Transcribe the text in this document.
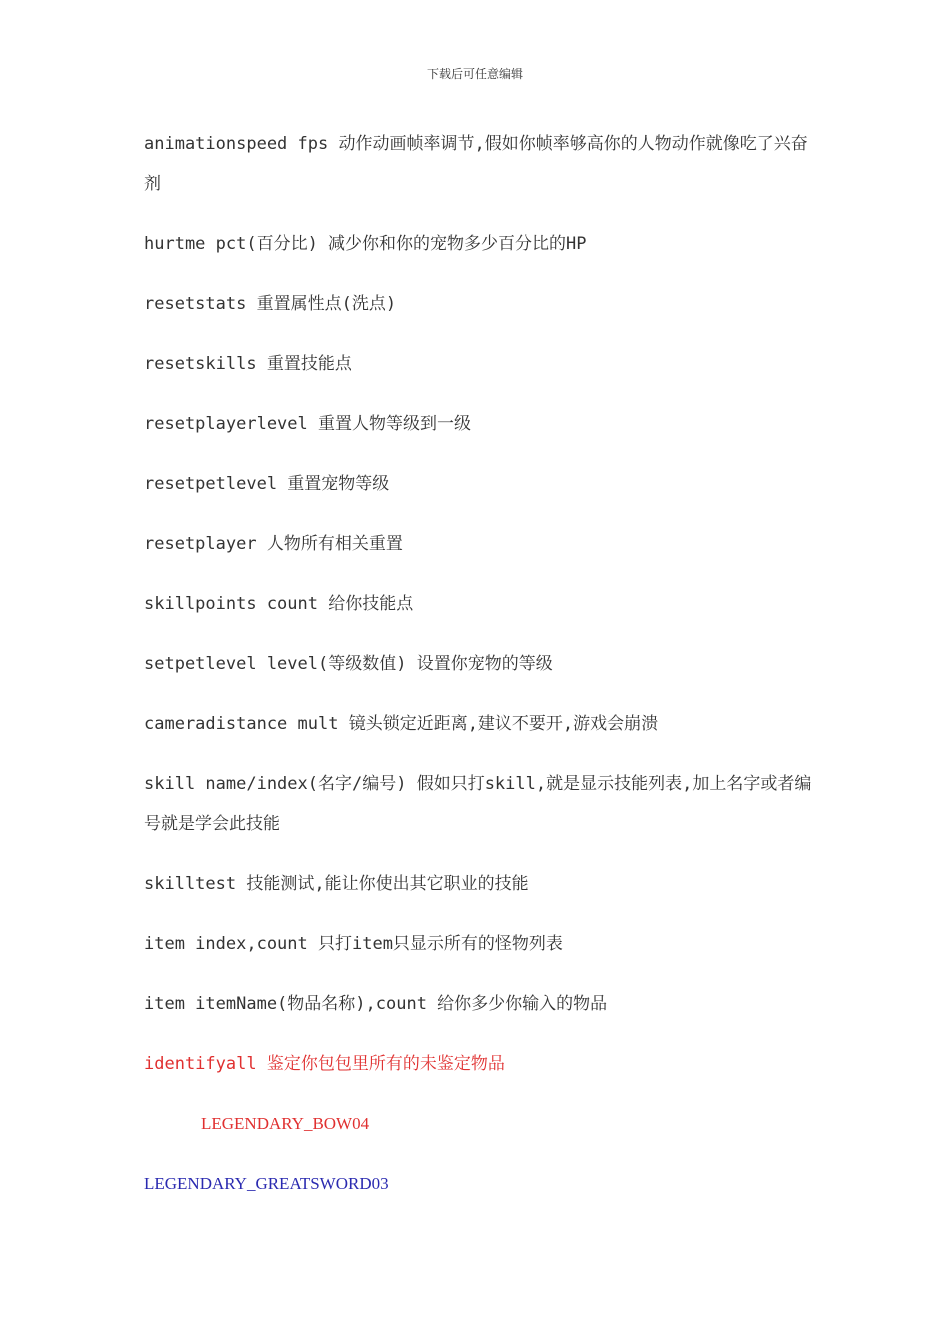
下载后可任意编辑

animationspeed fps 动作动画帧率调节,假如你帧率够高你的人物动作就像吃了兴奋剂

hurtme pct(百分比) 减少你和你的宠物多少百分比的HP

resetstats 重置属性点(洗点)

resetskills 重置技能点

resetplayerlevel 重置人物等级到一级

resetpetlevel 重置宠物等级

resetplayer 人物所有相关重置

skillpoints count 给你技能点

setpetlevel level(等级数值) 设置你宠物的等级

cameradistance mult 镜头锁定近距离,建议不要开,游戏会崩溃

skill name/index(名字/编号) 假如只打skill,就是显示技能列表,加上名字或者编号就是学会此技能

skilltest 技能测试,能让你使出其它职业的技能

item index,count 只打item只显示所有的怪物列表

item itemName(物品名称),count 给你多少你输入的物品

identifyall 鉴定你包包里所有的未鉴定物品

LEGENDARY_BOW04

LEGENDARY_GREATSWORD03
